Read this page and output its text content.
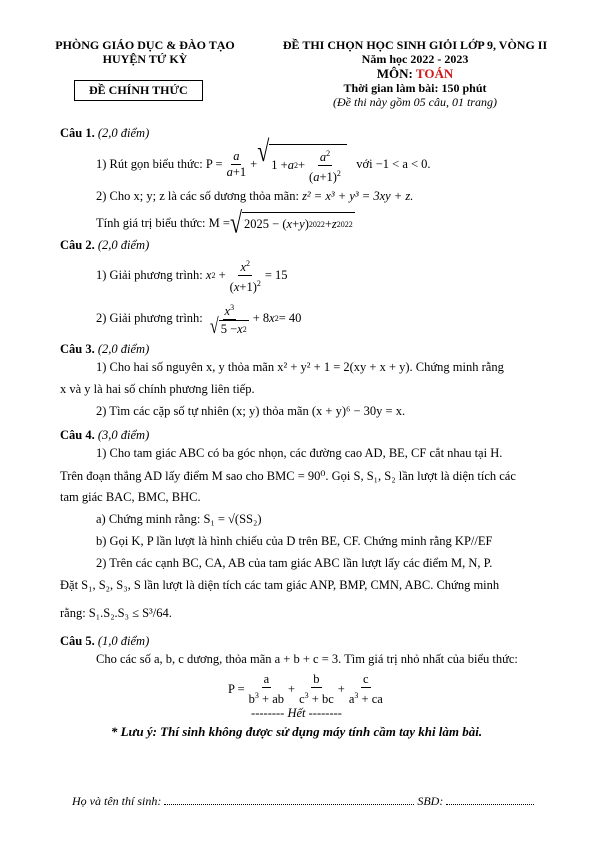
PHÒNG GIÁO DỤC & ĐÀO TẠO
HUYỆN TỨ KỲ
ĐỀ CHÍNH THỨC
ĐỀ THI CHỌN HỌC SINH GIỎI LỚP 9, VÒNG II
Năm học 2022 - 2023
MÔN: TOÁN
Thời gian làm bài: 150 phút
(Đề thi này gồm 05 câu, 01 trang)
Câu 1. (2,0 điểm)
1) Rút gọn biểu thức:
$P = \frac{a}{a+1}$ + √ 1 + a $2 + \frac{a^2}{(a+1)^2}$
với −1 < a < 0.
2) Cho x; y; z là các số dương thỏa mãn: z² = x³ + y³ = 3xy + z.
Tính giá trị biểu thức:
M = √ 2025 − ( x + y ) 2022 + z 2022
Câu 2. (2,0 điểm)
1) Giải phương trình:
x $2 + \frac{x^2}{(x+1)^2} = 15$
2) Giải phương trình:
$\frac{x^3}{√ 5 - x 2} + 8$ x 2 = 40
Câu 3. (2,0 điểm)
1) Cho hai số nguyên x, y thỏa mãn x² + y² + 1 = 2(xy + x + y). Chứng minh rằng
x và y là hai số chính phương liên tiếp.
2) Tìm các cặp số tự nhiên (x; y) thỏa mãn (x + y)⁶ − 30y = x.
Câu 4. (3,0 điểm)
1) Cho tam giác ABC có ba góc nhọn, các đường cao AD, BE, CF cắt nhau tại H.
Trên đoạn thẳng AD lấy điểm M sao cho BMC = 90⁰. Gọi S, S₁, S₂ lần lượt là diện tích các
tam giác BAC, BMC, BHC.
a) Chứng minh rằng: S₁ = √(SS₂)
b) Gọi K, P lần lượt là hình chiếu của D trên BE, CF. Chứng minh rằng KP//EF
2) Trên các cạnh BC, CA, AB của tam giác ABC lần lượt lấy các điểm M, N, P.
Đặt S₁, S₂, S₃, S lần lượt là diện tích các tam giác ANP, BMP, CMN, ABC. Chứng minh
rằng: S₁.S₂.S₃ ≤ S³/64.
Câu 5. (1,0 điểm)
Cho các số a, b, c dương, thỏa mãn a + b + c = 3. Tìm giá trị nhỏ nhất của biểu thức:
$P = \frac{a}{b^3 + ab} + \frac{b}{c^3 + bc} + \frac{c}{a^3 + ca}$
-------- Hết --------
* Lưu ý: Thí sinh không được sử dụng máy tính cầm tay khi làm bài.
Họ và tên thí sinh:	SBD:
